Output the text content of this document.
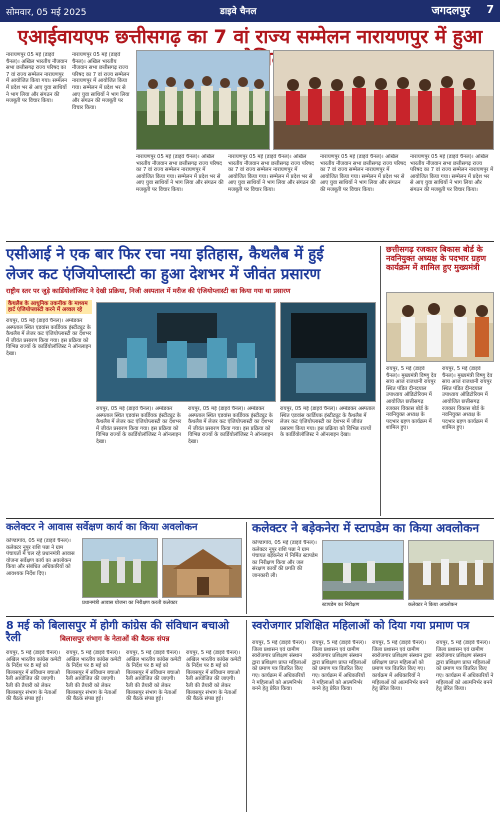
सोमवार, 05 मई 2025	डाइवे चैनल	जगदलपुर 7
एआईवायएफ छत्तीसगढ़ का 7 वां राज्य सम्मेलन नारायणपुर में हुआ
नारायणपुर 05 मई (डाइवे चैनल)। अखिल भारतीय नौजवान सभा छत्तीसगढ़ राज्य परिषद का 7 वां राज्य सम्मेलन नारायणपुर में आयोजित किया गया। सम्मेलन में प्रदेश भर से आए युवा साथियों ने भाग लिया और संगठन की मजबूती पर विचार किया।
नारायणपुर 05 मई (डाइवे चैनल)। अखिल भारतीय नौजवान सभा छत्तीसगढ़ राज्य परिषद का 7 वां राज्य सम्मेलन नारायणपुर में आयोजित किया गया। सम्मेलन में प्रदेश भर से आए युवा साथियों ने भाग लिया और संगठन की मजबूती पर विचार किया।
नारायणपुर 05 मई (डाइवे चैनल)। अखिल भारतीय नौजवान सभा छत्तीसगढ़ राज्य परिषद का 7 वां राज्य सम्मेलन नारायणपुर में आयोजित किया गया। सम्मेलन में प्रदेश भर से आए युवा साथियों ने भाग लिया और संगठन की मजबूती पर विचार किया।
नारायणपुर 05 मई (डाइवे चैनल)। अखिल भारतीय नौजवान सभा छत्तीसगढ़ राज्य परिषद का 7 वां राज्य सम्मेलन नारायणपुर में आयोजित किया गया। सम्मेलन में प्रदेश भर से आए युवा साथियों ने भाग लिया और संगठन की मजबूती पर विचार किया।
नारायणपुर 05 मई (डाइवे चैनल)। अखिल भारतीय नौजवान सभा छत्तीसगढ़ राज्य परिषद का 7 वां राज्य सम्मेलन नारायणपुर में आयोजित किया गया। सम्मेलन में प्रदेश भर से आए युवा साथियों ने भाग लिया और संगठन की मजबूती पर विचार किया।
नारायणपुर 05 मई (डाइवे चैनल)। अखिल भारतीय नौजवान सभा छत्तीसगढ़ राज्य परिषद का 7 वां राज्य सम्मेलन नारायणपुर में आयोजित किया गया। सम्मेलन में प्रदेश भर से आए युवा साथियों ने भाग लिया और संगठन की मजबूती पर विचार किया।
एसीआई ने एक बार फिर रचा नया इतिहास, कैथलैब में हुई
लेजर कट एंजियोप्लास्टी का हुआ देशभर में जीवंत प्रसारण
राष्ट्रीय स्तर पर जुड़े कार्डियोलॉजिस्ट ने देखी प्रक्रिया, निजी अस्पताल में मरीज की एंजियोप्लास्टी का किया गया था प्रसारण
कैथलैब के आधुनिक तकनीक के माध्यम हार्ट एंजियोप्लास्टी करने में अव्वल रहे
रायपुर, 05 मई (डाइवे चैनल)। अम्बेडकर अस्पताल स्थित एडवांस कार्डियक इंस्टीट्यूट के कैथलैब में लेजर कट एंजियोप्लास्टी का देशभर में जीवंत प्रसारण किया गया। इस प्रक्रिया को विभिन्न राज्यों के कार्डियोलॉजिस्ट ने ऑनलाइन देखा।
रायपुर, 05 मई (डाइवे चैनल)। अम्बेडकर अस्पताल स्थित एडवांस कार्डियक इंस्टीट्यूट के कैथलैब में लेजर कट एंजियोप्लास्टी का देशभर में जीवंत प्रसारण किया गया। इस प्रक्रिया को विभिन्न राज्यों के कार्डियोलॉजिस्ट ने ऑनलाइन देखा।
रायपुर, 05 मई (डाइवे चैनल)। अम्बेडकर अस्पताल स्थित एडवांस कार्डियक इंस्टीट्यूट के कैथलैब में लेजर कट एंजियोप्लास्टी का देशभर में जीवंत प्रसारण किया गया। इस प्रक्रिया को विभिन्न राज्यों के कार्डियोलॉजिस्ट ने ऑनलाइन देखा।
रायपुर, 05 मई (डाइवे चैनल)। अम्बेडकर अस्पताल स्थित एडवांस कार्डियक इंस्टीट्यूट के कैथलैब में लेजर कट एंजियोप्लास्टी का देशभर में जीवंत प्रसारण किया गया। इस प्रक्रिया को विभिन्न राज्यों के कार्डियोलॉजिस्ट ने ऑनलाइन देखा।
छत्तीसगढ़ रजकार बिकास बोर्ड के नवनियुक्त अध्यक्ष के पदभार ग्रहण कार्यक्रम में शामिल हुए मुख्यमंत्री
रायपुर, 5 मई (डाइवे चैनल)। मुख्यमंत्री विष्णु देव साय आज राजधानी रायपुर स्थित पंडित दीनदयाल उपाध्याय ऑडिटोरियम में आयोजित छत्तीसगढ़ रजकार विकास बोर्ड के नवनियुक्त अध्यक्ष के पदभार ग्रहण कार्यक्रम में शामिल हुए।
रायपुर, 5 मई (डाइवे चैनल)। मुख्यमंत्री विष्णु देव साय आज राजधानी रायपुर स्थित पंडित दीनदयाल उपाध्याय ऑडिटोरियम में आयोजित छत्तीसगढ़ रजकार विकास बोर्ड के नवनियुक्त अध्यक्ष के पदभार ग्रहण कार्यक्रम में शामिल हुए।
कलेक्टर ने आवास सर्वेक्षण कार्य का किया अवलोकन
कोण्डागांव, 05 मई (डाइवे चैनल)। कलेक्टर नूपुर राशि पन्ना ने ग्राम पंचायतों में चल रहे प्रधानमंत्री आवास योजना सर्वेक्षण कार्य का अवलोकन किया और संबंधित अधिकारियों को आवश्यक निर्देश दिए।
प्रधानमंत्री आवास योजना का निरीक्षण करती कलेक्टर
कलेक्टर ने बड़ेकनेरा में स्टापडेम का किया अवलोकन
कोण्डागांव, 05 मई (डाइवे चैनल)। कलेक्टर नूपुर राशि पन्ना ने ग्राम पंचायत बड़ेकनेरा में निर्मित स्टापडेम का निरीक्षण किया और जल संरक्षण कार्यों की प्रगति की जानकारी ली।
स्टापडेम का निरीक्षण	कलेक्टर ने किया अवलोकन
8 मई को बिलासपुर में होगी कांग्रेस की संविधान बचाओ रैली	बिलासपुर संभाग के नेताओं की बैठक संपन्न
रायपुर, 5 मई (डाइवे चैनल)। अखिल भारतीय कांग्रेस कमेटी के निर्देश पर 8 मई को बिलासपुर में संविधान बचाओ रैली आयोजित की जाएगी। रैली की तैयारी को लेकर बिलासपुर संभाग के नेताओं की बैठक संपन्न हुई।
रायपुर, 5 मई (डाइवे चैनल)। अखिल भारतीय कांग्रेस कमेटी के निर्देश पर 8 मई को बिलासपुर में संविधान बचाओ रैली आयोजित की जाएगी। रैली की तैयारी को लेकर बिलासपुर संभाग के नेताओं की बैठक संपन्न हुई।
रायपुर, 5 मई (डाइवे चैनल)। अखिल भारतीय कांग्रेस कमेटी के निर्देश पर 8 मई को बिलासपुर में संविधान बचाओ रैली आयोजित की जाएगी। रैली की तैयारी को लेकर बिलासपुर संभाग के नेताओं की बैठक संपन्न हुई।
रायपुर, 5 मई (डाइवे चैनल)। अखिल भारतीय कांग्रेस कमेटी के निर्देश पर 8 मई को बिलासपुर में संविधान बचाओ रैली आयोजित की जाएगी। रैली की तैयारी को लेकर बिलासपुर संभाग के नेताओं की बैठक संपन्न हुई।
स्वरोजगार प्रशिक्षित महिलाओं को दिया गया प्रमाण पत्र
रायपुर, 5 मई (डाइवे चैनल)। जिला प्रशासन एवं ग्रामीण स्वरोजगार प्रशिक्षण संस्थान द्वारा प्रशिक्षण प्राप्त महिलाओं को प्रमाण पत्र वितरित किए गए। कार्यक्रम में अधिकारियों ने महिलाओं को आत्मनिर्भर बनने हेतु प्रेरित किया।
रायपुर, 5 मई (डाइवे चैनल)। जिला प्रशासन एवं ग्रामीण स्वरोजगार प्रशिक्षण संस्थान द्वारा प्रशिक्षण प्राप्त महिलाओं को प्रमाण पत्र वितरित किए गए। कार्यक्रम में अधिकारियों ने महिलाओं को आत्मनिर्भर बनने हेतु प्रेरित किया।
रायपुर, 5 मई (डाइवे चैनल)। जिला प्रशासन एवं ग्रामीण स्वरोजगार प्रशिक्षण संस्थान द्वारा प्रशिक्षण प्राप्त महिलाओं को प्रमाण पत्र वितरित किए गए। कार्यक्रम में अधिकारियों ने महिलाओं को आत्मनिर्भर बनने हेतु प्रेरित किया।
रायपुर, 5 मई (डाइवे चैनल)। जिला प्रशासन एवं ग्रामीण स्वरोजगार प्रशिक्षण संस्थान द्वारा प्रशिक्षण प्राप्त महिलाओं को प्रमाण पत्र वितरित किए गए। कार्यक्रम में अधिकारियों ने महिलाओं को आत्मनिर्भर बनने हेतु प्रेरित किया।
